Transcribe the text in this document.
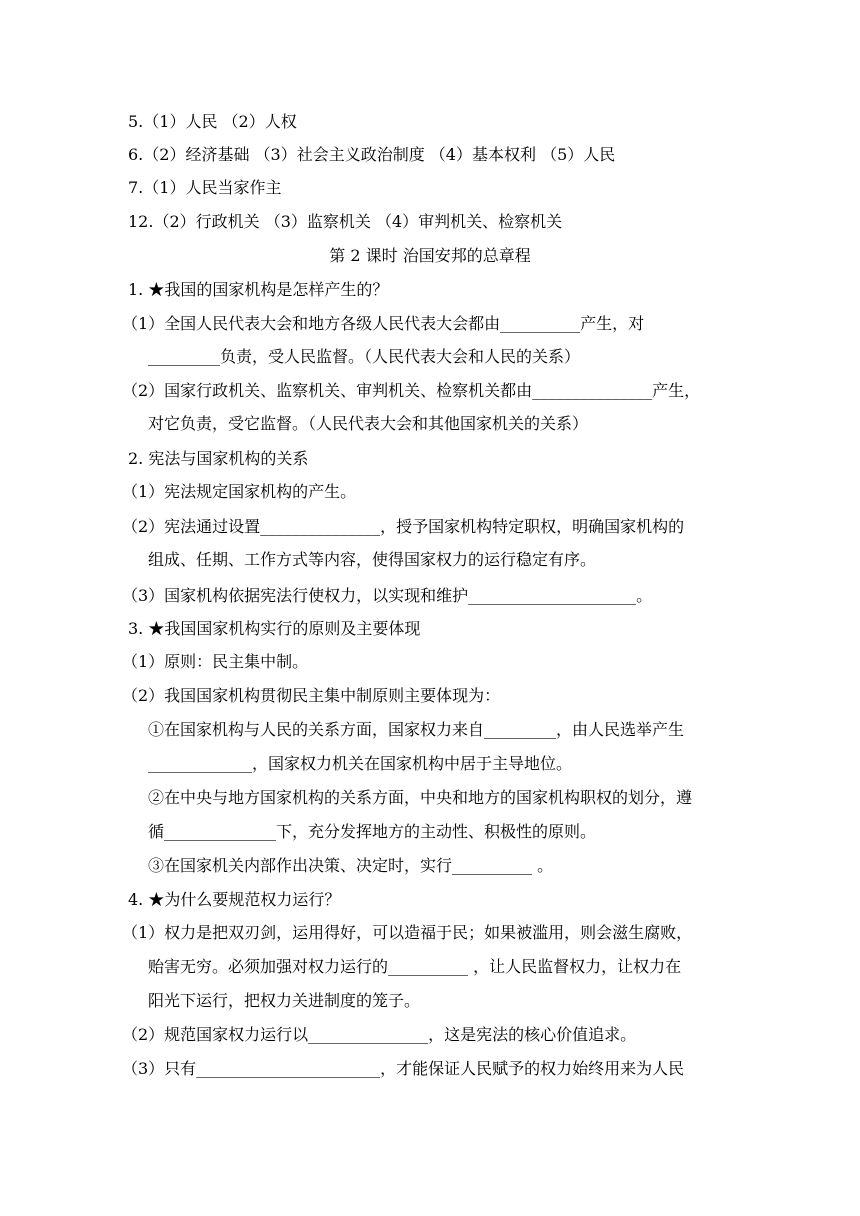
5.（1）人民 （2）人权
6.（2）经济基础 （3）社会主义政治制度 （4）基本权利 （5）人民
7.（1）人民当家作主
12.（2）行政机关 （3）监察机关 （4）审判机关、检察机关
第 2 课时 治国安邦的总章程
1. ★我国的国家机构是怎样产生的？
（1）全国人民代表大会和地方各级人民代表大会都由__________产生，对
_________负责，受人民监督。（人民代表大会和人民的关系）
（2）国家行政机关、监察机关、审判机关、检察机关都由_______________产生，
对它负责，受它监督。（人民代表大会和其他国家机关的关系）
2. 宪法与国家机构的关系
（1）宪法规定国家机构的产生。
（2）宪法通过设置_______________，授予国家机构特定职权，明确国家机构的
组成、任期、工作方式等内容，使得国家权力的运行稳定有序。
（3）国家机构依据宪法行使权力，以实现和维护_____________________。
3. ★我国国家机构实行的原则及主要体现
（1）原则：民主集中制。
（2）我国国家机构贯彻民主集中制原则主要体现为：
①在国家机构与人民的关系方面，国家权力来自_________，由人民选举产生
_____________，国家权力机关在国家机构中居于主导地位。
②在中央与地方国家机构的关系方面，中央和地方的国家机构职权的划分，遵
循______________下，充分发挥地方的主动性、积极性的原则。
③在国家机关内部作出决策、决定时，实行__________ 。
4. ★为什么要规范权力运行？
（1）权力是把双刃剑，运用得好，可以造福于民；如果被滥用，则会滋生腐败，
贻害无穷。必须加强对权力运行的__________ ，让人民监督权力，让权力在
阳光下运行，把权力关进制度的笼子。
（2）规范国家权力运行以_______________，这是宪法的核心价值追求。
（3）只有_______________________，才能保证人民赋予的权力始终用来为人民
